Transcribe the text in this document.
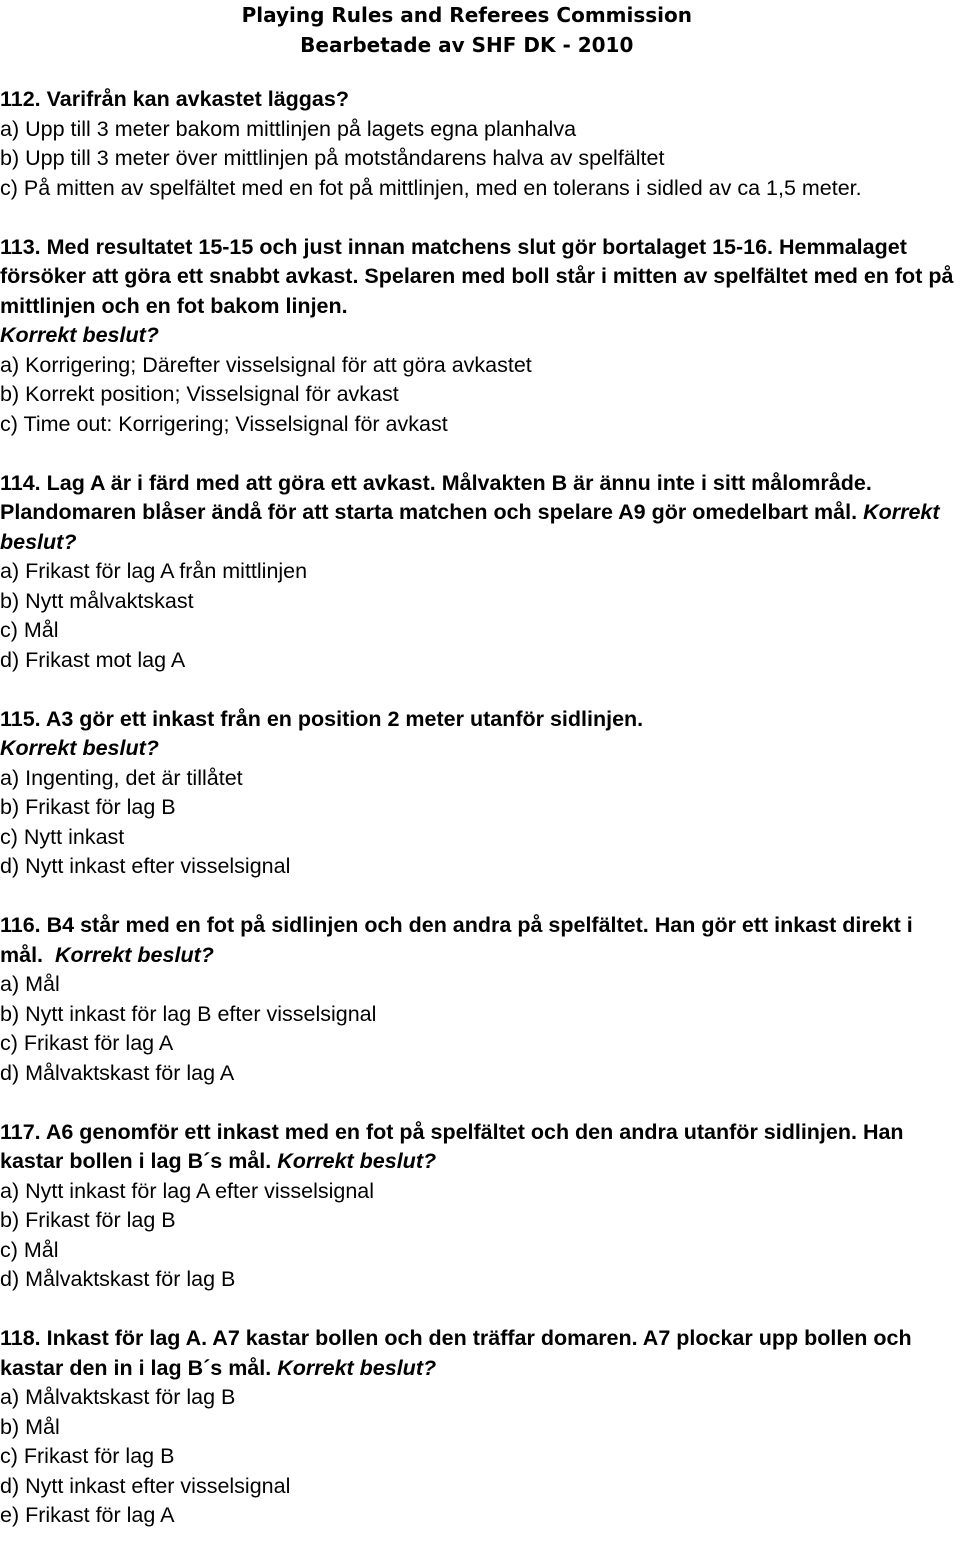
Playing Rules and Referees Commission
Bearbetade av SHF DK - 2010
112. Varifrån kan avkastet läggas?
a) Upp till 3 meter bakom mittlinjen på lagets egna planhalva
b) Upp till 3 meter över mittlinjen på motståndarens halva av spelfältet
c) På mitten av spelfältet med en fot på mittlinjen, med en tolerans i sidled av ca 1,5 meter.
113. Med resultatet 15-15 och just innan matchens slut gör bortalaget 15-16. Hemmalaget försöker att göra ett snabbt avkast. Spelaren med boll står i mitten av spelfältet med en fot på mittlinjen och en fot bakom linjen.
Korrekt beslut?
a) Korrigering; Därefter visselsignal för att göra avkastet
b) Korrekt position; Visselsignal för avkast
c) Time out: Korrigering; Visselsignal för avkast
114. Lag A är i färd med att göra ett avkast. Målvakten B är ännu inte i sitt målområde. Plandomaren blåser ändå för att starta matchen och spelare A9 gör omedelbart mål. Korrekt beslut?
a) Frikast för lag A från mittlinjen
b) Nytt målvaktskast
c) Mål
d) Frikast mot lag A
115. A3 gör ett inkast från en position 2 meter utanför sidlinjen.
Korrekt beslut?
a) Ingenting, det är tillåtet
b) Frikast för lag B
c) Nytt inkast
d) Nytt inkast efter visselsignal
116. B4 står med en fot på sidlinjen och den andra på spelfältet. Han gör ett inkast direkt i mål. Korrekt beslut?
a) Mål
b) Nytt inkast för lag B efter visselsignal
c) Frikast för lag A
d) Målvaktskast för lag A
117. A6 genomför ett inkast med en fot på spelfältet och den andra utanför sidlinjen. Han kastar bollen i lag B´s mål. Korrekt beslut?
a) Nytt inkast för lag A efter visselsignal
b) Frikast för lag B
c) Mål
d) Målvaktskast för lag B
118. Inkast för lag A. A7 kastar bollen och den träffar domaren. A7 plockar upp bollen och kastar den in i lag B´s mål. Korrekt beslut?
a) Målvaktskast för lag B
b) Mål
c) Frikast för lag B
d) Nytt inkast efter visselsignal
e) Frikast för lag A
